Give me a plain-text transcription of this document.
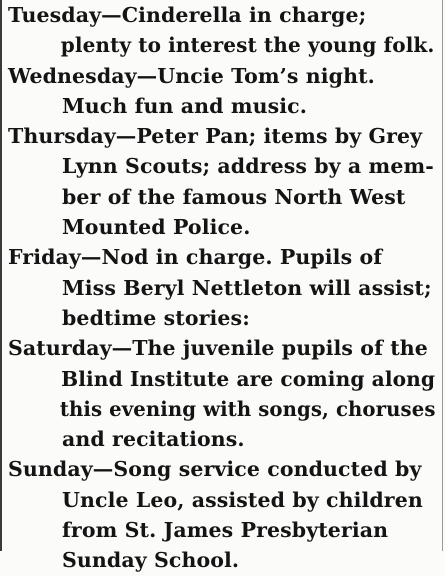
Tuesday—Cinderella in charge;
plenty to interest the young folk.
Wednesday—Uncie Tom’s night.
Much fun and music.
Thursday—Peter Pan; items by Grey
Lynn Scouts; address by a mem-
ber of the famous North West
Mounted Police.
Friday—Nod in charge. Pupils of
Miss Beryl Nettleton will assist;
bedtime stories:
Saturday—The juvenile pupils of the
Blind Institute are coming along
this evening with songs, choruses
and recitations.
Sunday—Song service conducted by
Uncle Leo, assisted by children
from St. James Presbyterian
Sunday School.
